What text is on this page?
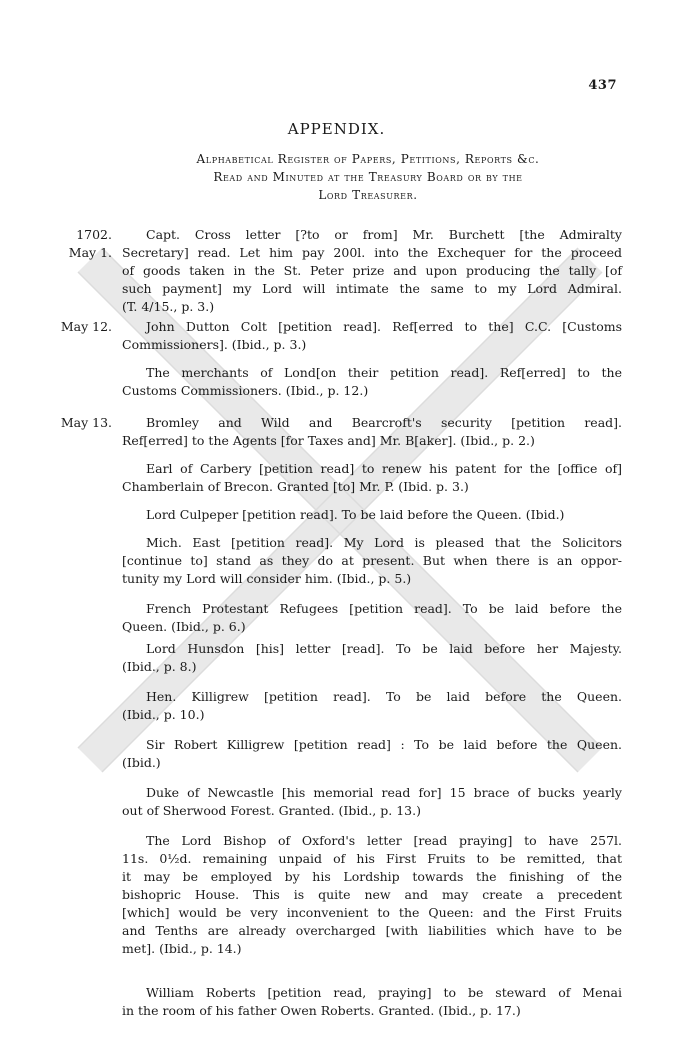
437
APPENDIX.
Alphabetical Register of Papers, Petitions, Reports &c.
Read and Minuted at the Treasury Board or by the
Lord Treasurer.
1702.
May 1.
May 12.
May 13.
Capt. Cross letter [?to or from] Mr. Burchett [the Admiralty
Secretary] read. Let him pay 200l. into the Exchequer for the proceed
of goods taken in the St. Peter prize and upon producing the tally [of
such payment] my Lord will intimate the same to my Lord Admiral.
(T. 4/15., p. 3.)
John Dutton Colt [petition read]. Ref[erred to the] C.C. [Customs
Commissioners]. (Ibid., p. 3.)
The merchants of Lond[on their petition read]. Ref[erred] to the
Customs Commissioners. (Ibid., p. 12.)
Bromley and Wild and Bearcroft's security [petition read].
Ref[erred] to the Agents [for Taxes and] Mr. B[aker]. (Ibid., p. 2.)
Earl of Carbery [petition read] to renew his patent for the [office of]
Chamberlain of Brecon. Granted [to] Mr. P. (Ibid. p. 3.)
Lord Culpeper [petition read]. To be laid before the Queen. (Ibid.)
Mich. East [petition read]. My Lord is pleased that the Solicitors
[continue to] stand as they do at present. But when there is an oppor-
tunity my Lord will consider him. (Ibid., p. 5.)
French Protestant Refugees [petition read]. To be laid before the
Queen. (Ibid., p. 6.)
Lord Hunsdon [his] letter [read]. To be laid before her Majesty.
(Ibid., p. 8.)
Hen. Killigrew [petition read]. To be laid before the Queen.
(Ibid., p. 10.)
Sir Robert Killigrew [petition read] : To be laid before the Queen.
(Ibid.)
Duke of Newcastle [his memorial read for] 15 brace of bucks yearly
out of Sherwood Forest. Granted. (Ibid., p. 13.)
The Lord Bishop of Oxford's letter [read praying] to have 257l.
11s. 0½d. remaining unpaid of his First Fruits to be remitted, that
it may be employed by his Lordship towards the finishing of the
bishopric House. This is quite new and may create a precedent
[which] would be very inconvenient to the Queen: and the First Fruits
and Tenths are already overcharged [with liabilities which have to be
met]. (Ibid., p. 14.)
William Roberts [petition read, praying] to be steward of Menai
in the room of his father Owen Roberts. Granted. (Ibid., p. 17.)
